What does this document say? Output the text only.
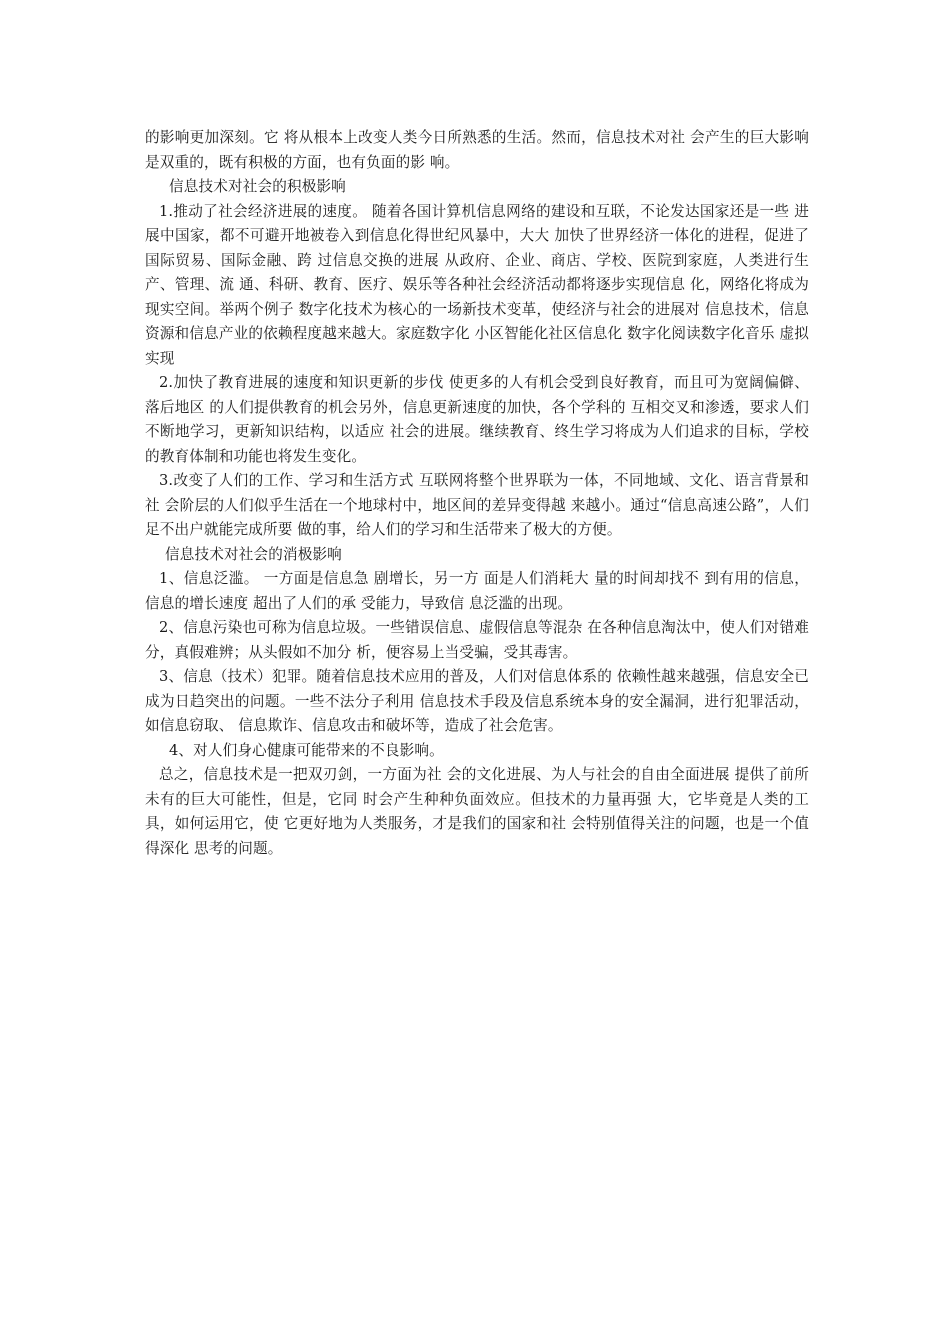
的影响更加深刻。它 将从根本上改变人类今日所熟悉的生活。然而，信息技术对社 会产生的巨大影响是双重的，既有积极的方面，也有负面的影 响。

信息技术对社会的积极影响

1.推动了社会经济进展的速度。 随着各国计算机信息网络的建设和互联，不论发达国家还是一些 进展中国家，都不可避开地被卷入到信息化得世纪风暴中，大大 加快了世界经济一体化的进程，促进了国际贸易、国际金融、跨 过信息交换的进展 从政府、企业、商店、学校、医院到家庭，人类进行生产、管理、流 通、科研、教育、医疗、娱乐等各种社会经济活动都将逐步实现信息 化，网络化将成为现实空间。举两个例子 数字化技术为核心的一场新技术变革，使经济与社会的进展对 信息技术，信息资源和信息产业的依赖程度越来越大。家庭数字化 小区智能化社区信息化 数字化阅读数字化音乐 虚拟实现

2.加快了教育进展的速度和知识更新的步伐 使更多的人有机会受到良好教育，而且可为宽阔偏僻、落后地区 的人们提供教育的机会另外，信息更新速度的加快，各个学科的 互相交叉和渗透，要求人们不断地学习，更新知识结构，以适应 社会的进展。继续教育、终生学习将成为人们追求的目标，学校 的教育体制和功能也将发生变化。

3.改变了人们的工作、学习和生活方式 互联网将整个世界联为一体，不同地域、文化、语言背景和社 会阶层的人们似乎生活在一个地球村中，地区间的差异变得越 来越小。通过“信息高速公路”，人们足不出户就能完成所要 做的事，给人们的学习和生活带来了极大的方便。

信息技术对社会的消极影响

1、信息泛滥。 一方面是信息急 剧增长，另一方 面是人们消耗大 量的时间却找不 到有用的信息， 信息的增长速度 超出了人们的承 受能力，导致信 息泛滥的出现。

2、信息污染也可称为信息垃圾。一些错误信息、虚假信息等混杂 在各种信息淘汰中，使人们对错难分，真假难辨；从头假如不加分 析，便容易上当受骗，受其毒害。

3、信息（技术）犯罪。随着信息技术应用的普及，人们对信息体系的 依赖性越来越强，信息安全已成为日趋突出的问题。一些不法分子利用 信息技术手段及信息系统本身的安全漏洞，进行犯罪活动， 如信息窃取、 信息欺诈、信息攻击和破坏等，造成了社会危害。

4、对人们身心健康可能带来的不良影响。

总之，信息技术是一把双刃剑，一方面为社 会的文化进展、为人与社会的自由全面进展 提供了前所未有的巨大可能性，但是，它同 时会产生种种负面效应。但技术的力量再强 大，它毕竟是人类的工具，如何运用它，使 它更好地为人类服务，才是我们的国家和社 会特别值得关注的问题，也是一个值得深化 思考的问题。
